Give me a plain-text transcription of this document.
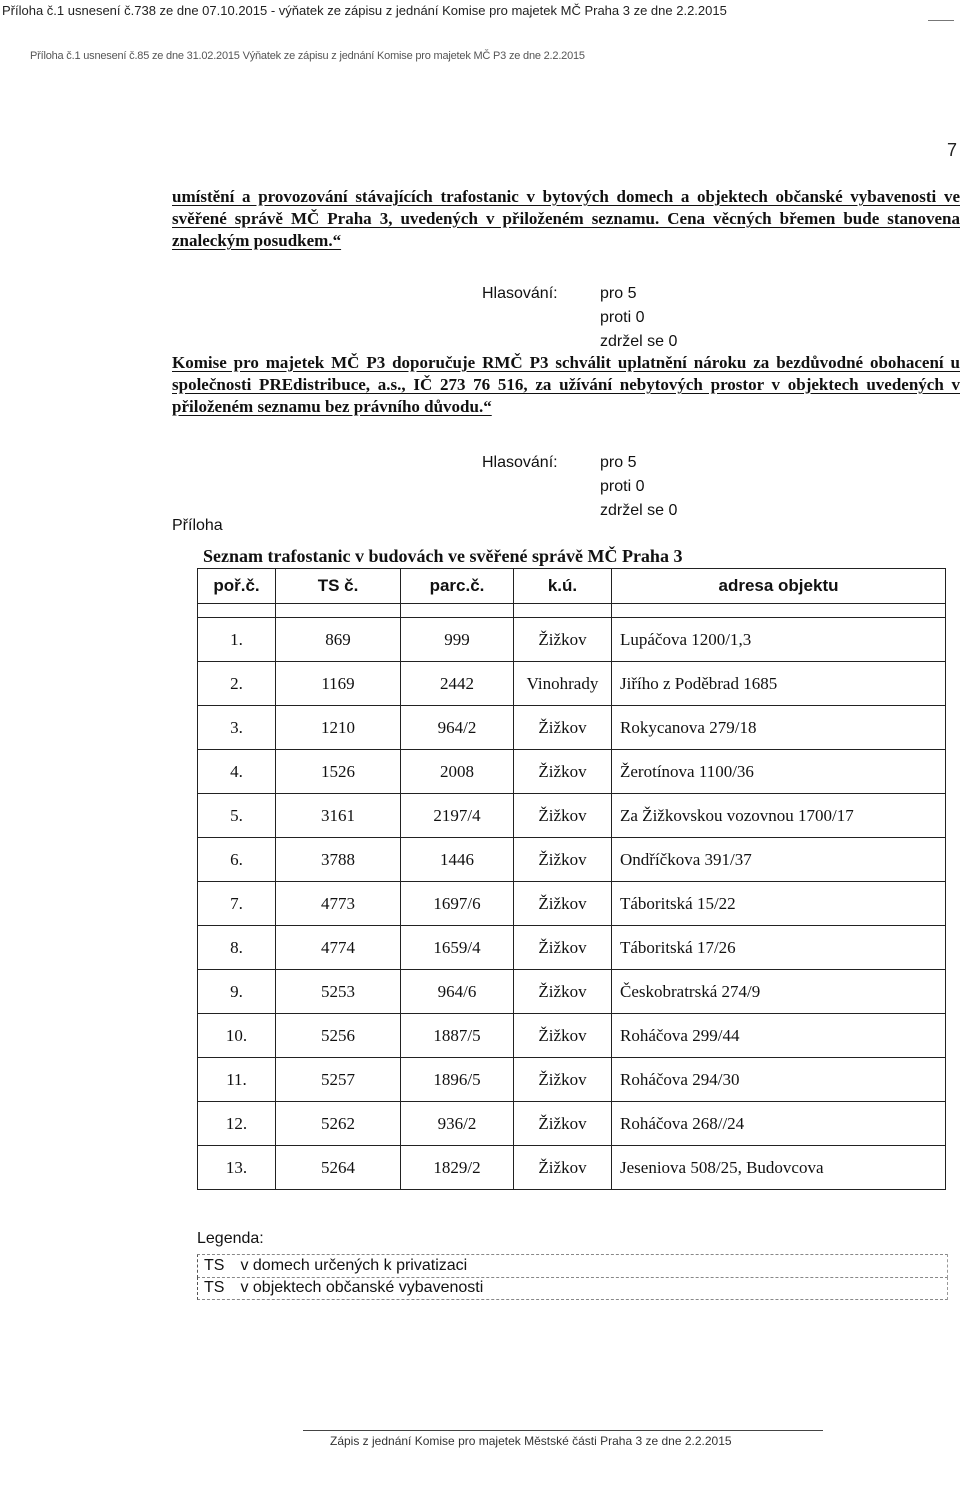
Příloha č.1 usnesení č.738 ze dne 07.10.2015 - výňatek ze zápisu z jednání Komise pro majetek MČ Praha 3 ze dne 2.2.2015
Příloha č.1 usnesení č.85 ze dne 31.02.2015 Výňatek ze zápisu z jednání Komise pro majetek MČ P3 ze dne 2.2.2015
7
umístění a provozování stávajících trafostanic v bytových domech a objektech občanské vybavenosti ve svěřené správě MČ Praha 3, uvedených v přiloženém seznamu. Cena věcných břemen bude stanovena znaleckým posudkem.“
Hlasování:	pro 5
proti 0
zdržel se 0
Komise pro majetek MČ P3 doporučuje RMČ P3 schválit uplatnění nároku za bezdůvodné obohacení u společnosti PREdistribuce, a.s., IČ 273 76 516, za užívání nebytových prostor v objektech uvedených v přiloženém seznamu bez právního důvodu.“
Hlasování:	pro 5
proti 0
zdržel se 0
Příloha
Seznam trafostanic v budovách ve svěřené správě MČ Praha 3
poř.č.	TS č.	parc.č.	k.ú.	adresa objektu

1.	869	999	Žižkov	Lupáčova 1200/1,3
2.	1169	2442	Vinohrady	Jiřího z Poděbrad 1685
3.	1210	964/2	Žižkov	Rokycanova 279/18
4.	1526	2008	Žižkov	Žerotínova 1100/36
5.	3161	2197/4	Žižkov	Za Žižkovskou vozovnou 1700/17
6.	3788	1446	Žižkov	Ondříčkova 391/37
7.	4773	1697/6	Žižkov	Táboritská 15/22
8.	4774	1659/4	Žižkov	Táboritská 17/26
9.	5253	964/6	Žižkov	Českobratrská 274/9
10.	5256	1887/5	Žižkov	Roháčova 299/44
11.	5257	1896/5	Žižkov	Roháčova 294/30
12.	5262	936/2	Žižkov	Roháčova 268//24
13.	5264	1829/2	Žižkov	Jeseniova 508/25, Budovcova
Legenda:
TS v domech určených k privatizaci
TS v objektech občanské vybavenosti
Zápis z jednání Komise pro majetek Městské části Praha 3 ze dne 2.2.2015
